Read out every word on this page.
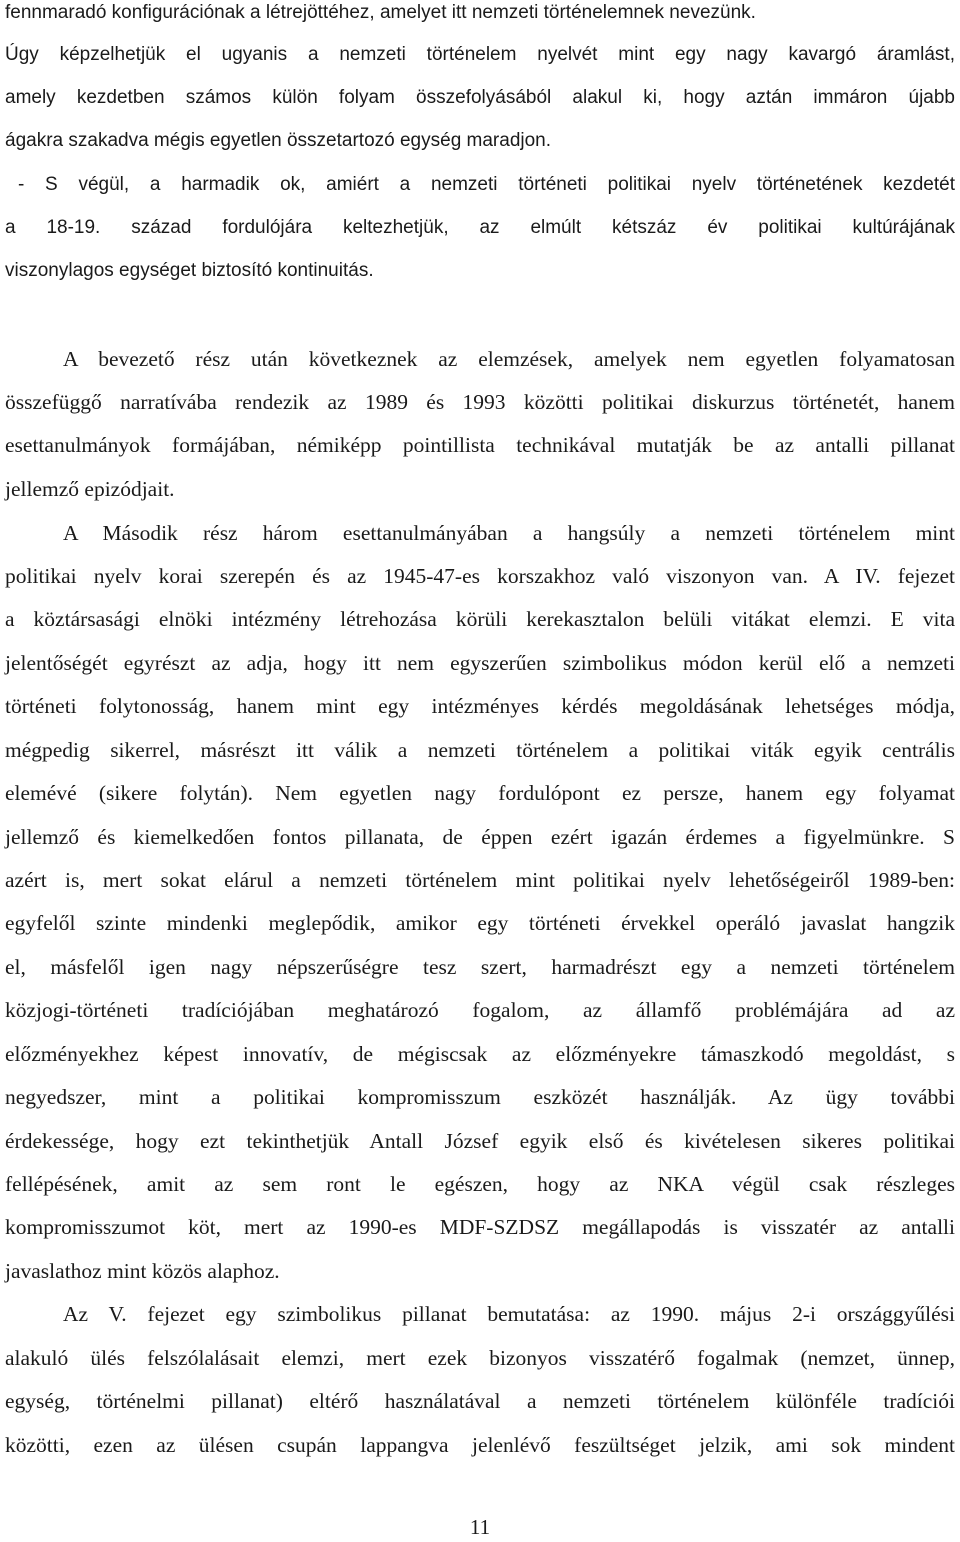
fennmaradó konfigurációnak a létrejöttéhez, amelyet itt nemzeti történelemnek nevezünk.
Úgy képzelhetjük el ugyanis a nemzeti történelem nyelvét mint egy nagy kavargó áramlást,
amely kezdetben számos külön folyam összefolyásából alakul ki, hogy aztán immáron újabb
ágakra szakadva mégis egyetlen összetartozó egység maradjon.
- S végül, a harmadik ok, amiért a nemzeti történeti politikai nyelv történetének kezdetét
a 18-19. század fordulójára keltezhetjük, az elmúlt kétszáz év politikai kultúrájának
viszonylagos egységet biztosító kontinuitás.
A bevezető rész után következnek az elemzések, amelyek nem egyetlen folyamatosan
összefüggő narratívába rendezik az 1989 és 1993 közötti politikai diskurzus történetét, hanem
esettanulmányok formájában, némiképp pointillista technikával mutatják be az antalli pillanat
jellemző epizódjait.
A Második rész három esettanulmányában a hangsúly a nemzeti történelem mint
politikai nyelv korai szerepén és az 1945-47-es korszakhoz való viszonyon van. A IV. fejezet
a köztársasági elnöki intézmény létrehozása körüli kerekasztalon belüli vitákat elemzi. E vita
jelentőségét egyrészt az adja, hogy itt nem egyszerűen szimbolikus módon kerül elő a nemzeti
történeti folytonosság, hanem mint egy intézményes kérdés megoldásának lehetséges módja,
mégpedig sikerrel, másrészt itt válik a nemzeti történelem a politikai viták egyik centrális
elemévé (sikere folytán). Nem egyetlen nagy fordulópont ez persze, hanem egy folyamat
jellemző és kiemelkedően fontos pillanata, de éppen ezért igazán érdemes a figyelmünkre. S
azért is, mert sokat elárul a nemzeti történelem mint politikai nyelv lehetőségeiről 1989-ben:
egyfelől szinte mindenki meglepődik, amikor egy történeti érvekkel operáló javaslat hangzik
el, másfelől igen nagy népszerűségre tesz szert, harmadrészt egy a nemzeti történelem
közjogi-történeti tradíciójában meghatározó fogalom, az államfő problémájára ad az
előzményekhez képest innovatív, de mégiscsak az előzményekre támaszkodó megoldást, s
negyedszer, mint a politikai kompromisszum eszközét használják. Az ügy további
érdekessége, hogy ezt tekinthetjük Antall József egyik első és kivételesen sikeres politikai
fellépésének, amit az sem ront le egészen, hogy az NKA végül csak részleges
kompromisszumot köt, mert az 1990-es MDF-SZDSZ megállapodás is visszatér az antalli
javaslathoz mint közös alaphoz.
Az V. fejezet egy szimbolikus pillanat bemutatása: az 1990. május 2-i országgyűlési
alakuló ülés felszólalásait elemzi, mert ezek bizonyos visszatérő fogalmak (nemzet, ünnep,
egység, történelmi pillanat) eltérő használatával a nemzeti történelem különféle tradíciói
közötti, ezen az ülésen csupán lappangva jelenlévő feszültséget jelzik, ami sok mindent
11
